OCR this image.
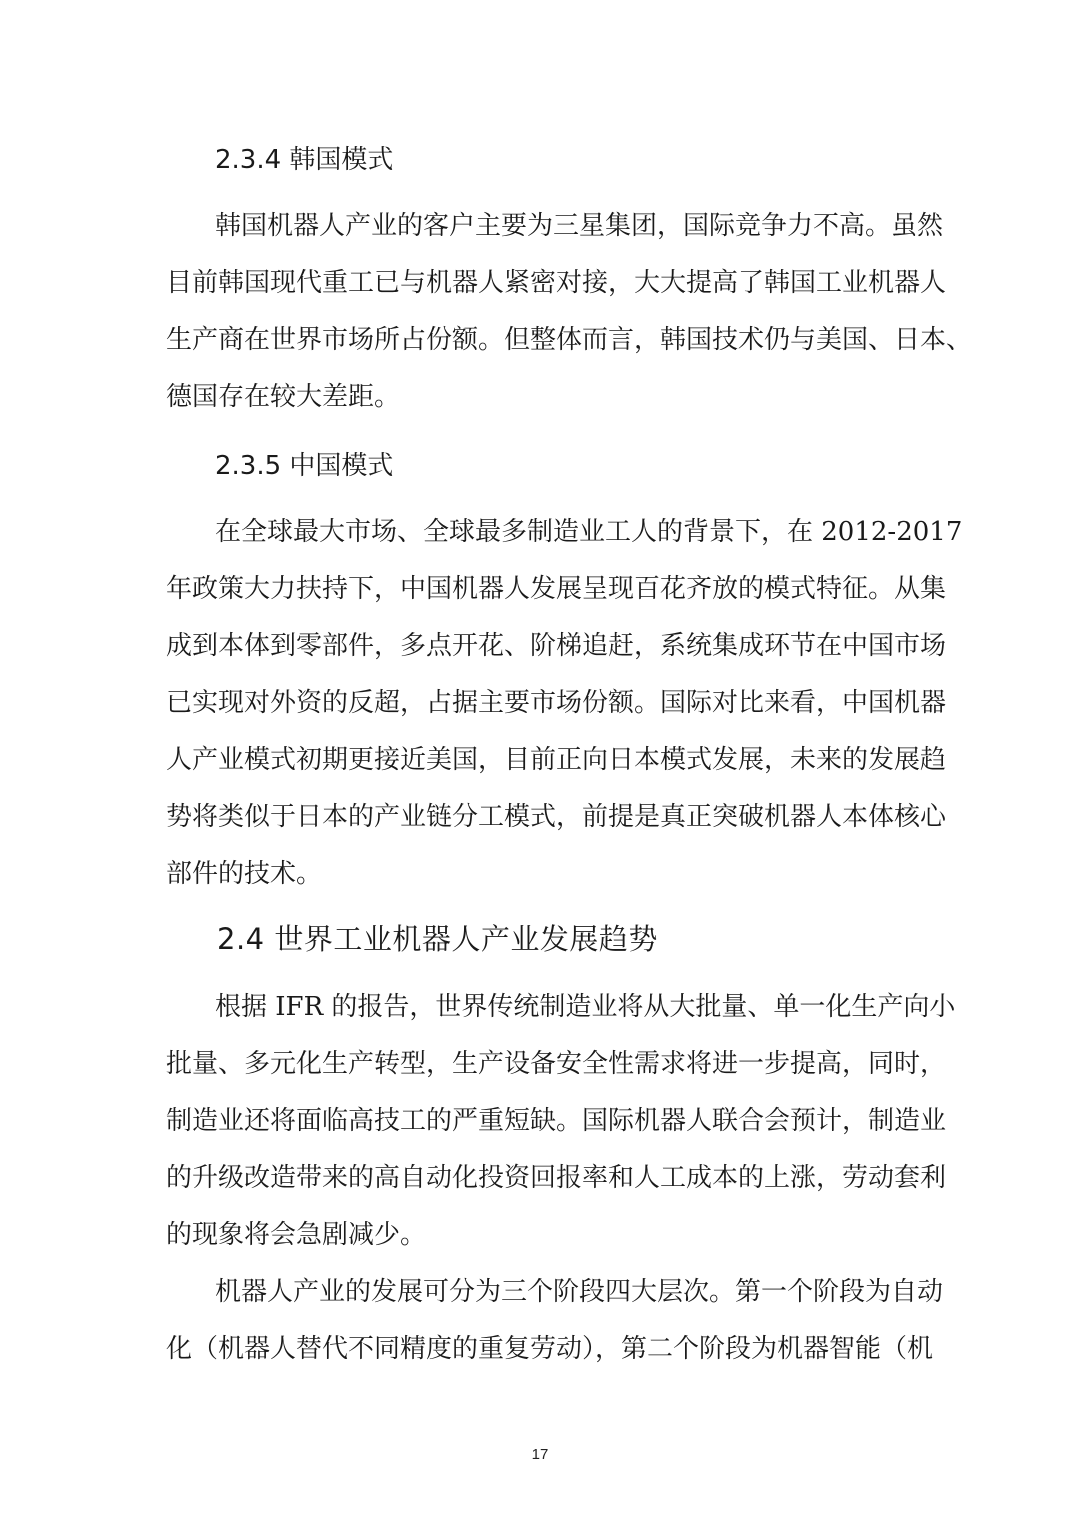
2.3.4 韩国模式
韩国机器人产业的客户主要为三星集团，国际竞争力不高。虽然
目前韩国现代重工已与机器人紧密对接，大大提高了韩国工业机器人
生产商在世界市场所占份额。但整体而言，韩国技术仍与美国、日本、
德国存在较大差距。
2.3.5 中国模式
在全球最大市场、全球最多制造业工人的背景下，在 2012-2017
年政策大力扶持下，中国机器人发展呈现百花齐放的模式特征。从集
成到本体到零部件，多点开花、阶梯追赶，系统集成环节在中国市场
已实现对外资的反超，占据主要市场份额。国际对比来看，中国机器
人产业模式初期更接近美国，目前正向日本模式发展，未来的发展趋
势将类似于日本的产业链分工模式，前提是真正突破机器人本体核心
部件的技术。
2.4 世界工业机器人产业发展趋势
根据 IFR 的报告，世界传统制造业将从大批量、单一化生产向小
批量、多元化生产转型，生产设备安全性需求将进一步提高，同时，
制造业还将面临高技工的严重短缺。国际机器人联合会预计，制造业
的升级改造带来的高自动化投资回报率和人工成本的上涨，劳动套利
的现象将会急剧减少。
机器人产业的发展可分为三个阶段四大层次。第一个阶段为自动
化（机器人替代不同精度的重复劳动），第二个阶段为机器智能（机
17
